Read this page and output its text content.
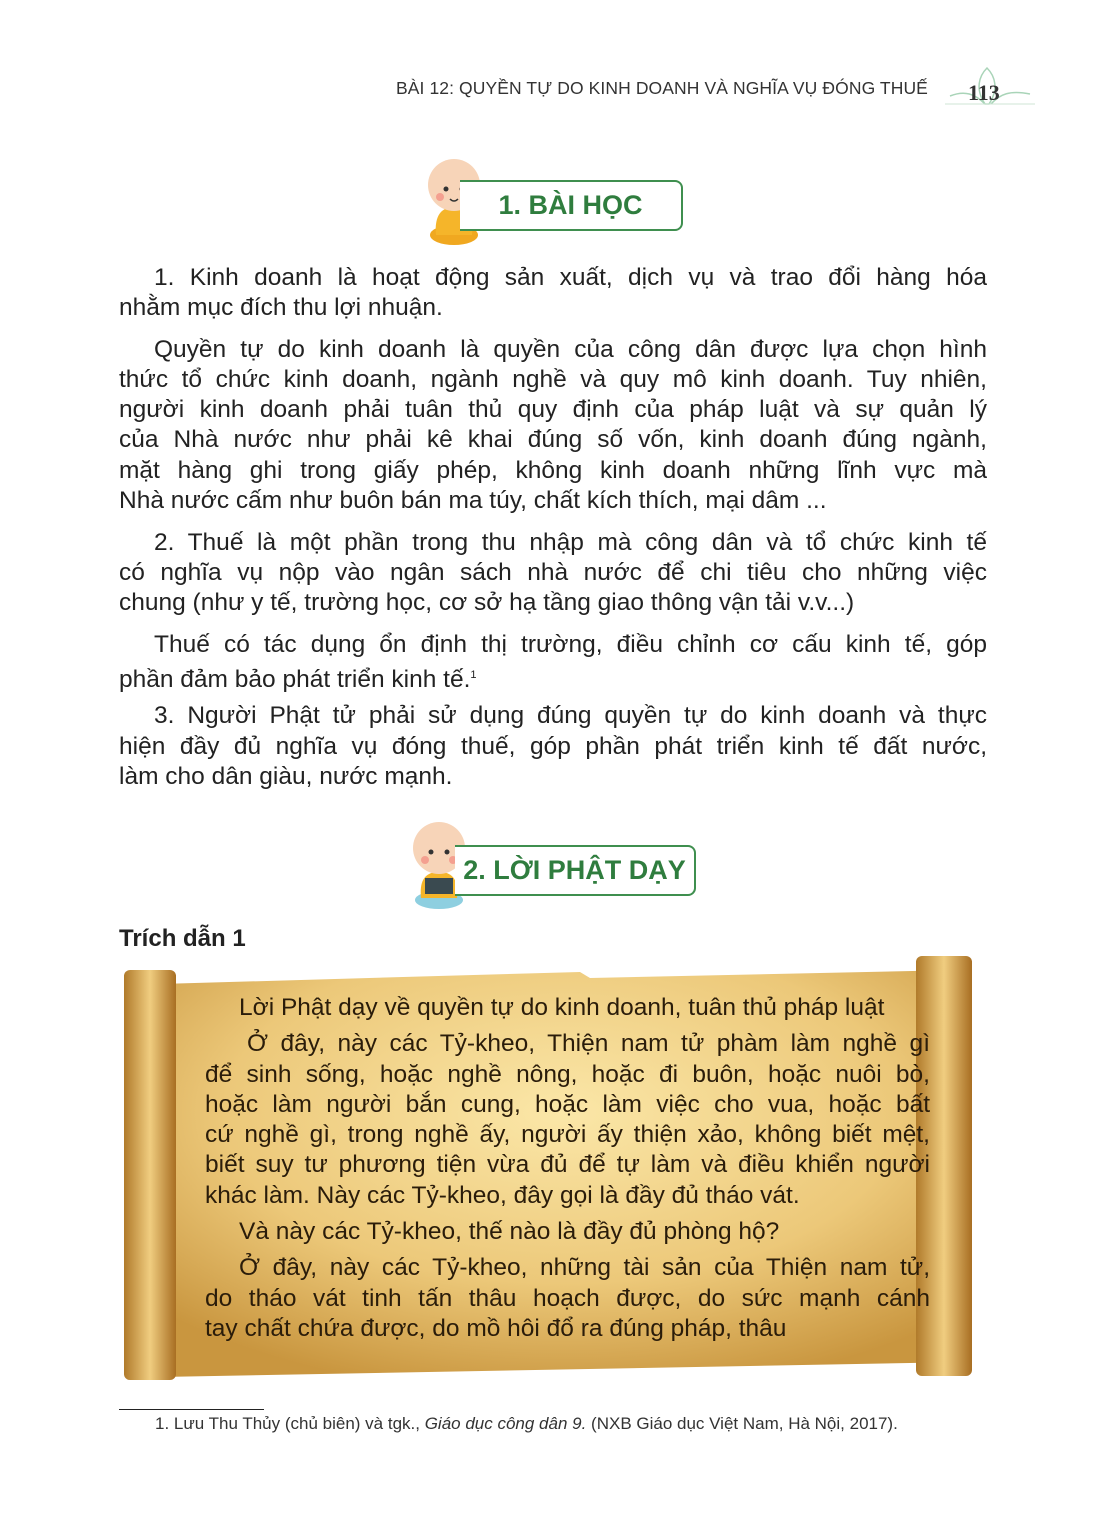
BÀI 12: QUYỀN TỰ DO KINH DOANH VÀ NGHĨA VỤ ĐÓNG THUẾ 113
1. BÀI HỌC
1. Kinh doanh là hoạt động sản xuất, dịch vụ và trao đổi hàng hóa
nhằm mục đích thu lợi nhuận.
Quyền tự do kinh doanh là quyền của công dân được lựa chọn hình
thức tổ chức kinh doanh, ngành nghề và quy mô kinh doanh. Tuy nhiên,
người kinh doanh phải tuân thủ quy định của pháp luật và sự quản lý
của Nhà nước như phải kê khai đúng số vốn, kinh doanh đúng ngành,
mặt hàng ghi trong giấy phép, không kinh doanh những lĩnh vực mà
Nhà nước cấm như buôn bán ma túy, chất kích thích, mại dâm ...
2. Thuế là một phần trong thu nhập mà công dân và tổ chức kinh tế
có nghĩa vụ nộp vào ngân sách nhà nước để chi tiêu cho những việc
chung (như y tế, trường học, cơ sở hạ tầng giao thông vận tải v.v...)
Thuế có tác dụng ổn định thị trường, điều chỉnh cơ cấu kinh tế, góp
phần đảm bảo phát triển kinh tế.$^1$
3. Người Phật tử phải sử dụng đúng quyền tự do kinh doanh và thực
hiện đầy đủ nghĩa vụ đóng thuế, góp phần phát triển kinh tế đất nước,
làm cho dân giàu, nước mạnh.
2. LỜI PHẬT DẠY
Trích dẫn 1
Lời Phật dạy về quyền tự do kinh doanh, tuân thủ pháp luật
Ở đây, này các Tỷ-kheo, Thiện nam tử phàm làm nghề gì
để sinh sống, hoặc nghề nông, hoặc đi buôn, hoặc nuôi bò,
hoặc làm người bắn cung, hoặc làm việc cho vua, hoặc bất
cứ nghề gì, trong nghề ấy, người ấy thiện xảo, không biết mệt,
biết suy tư phương tiện vừa đủ để tự làm và điều khiển người
khác làm. Này các Tỷ-kheo, đây gọi là đầy đủ tháo vát.
Và này các Tỷ-kheo, thế nào là đầy đủ phòng hộ?
Ở đây, này các Tỷ-kheo, những tài sản của Thiện nam tử,
do tháo vát tinh tấn thâu hoạch được, do sức mạnh cánh
tay chất chứa được, do mồ hôi đổ ra đúng pháp, thâu
1. Lưu Thu Thủy (chủ biên) và tgk., Giáo dục công dân 9. (NXB Giáo dục Việt Nam, Hà Nội, 2017).
